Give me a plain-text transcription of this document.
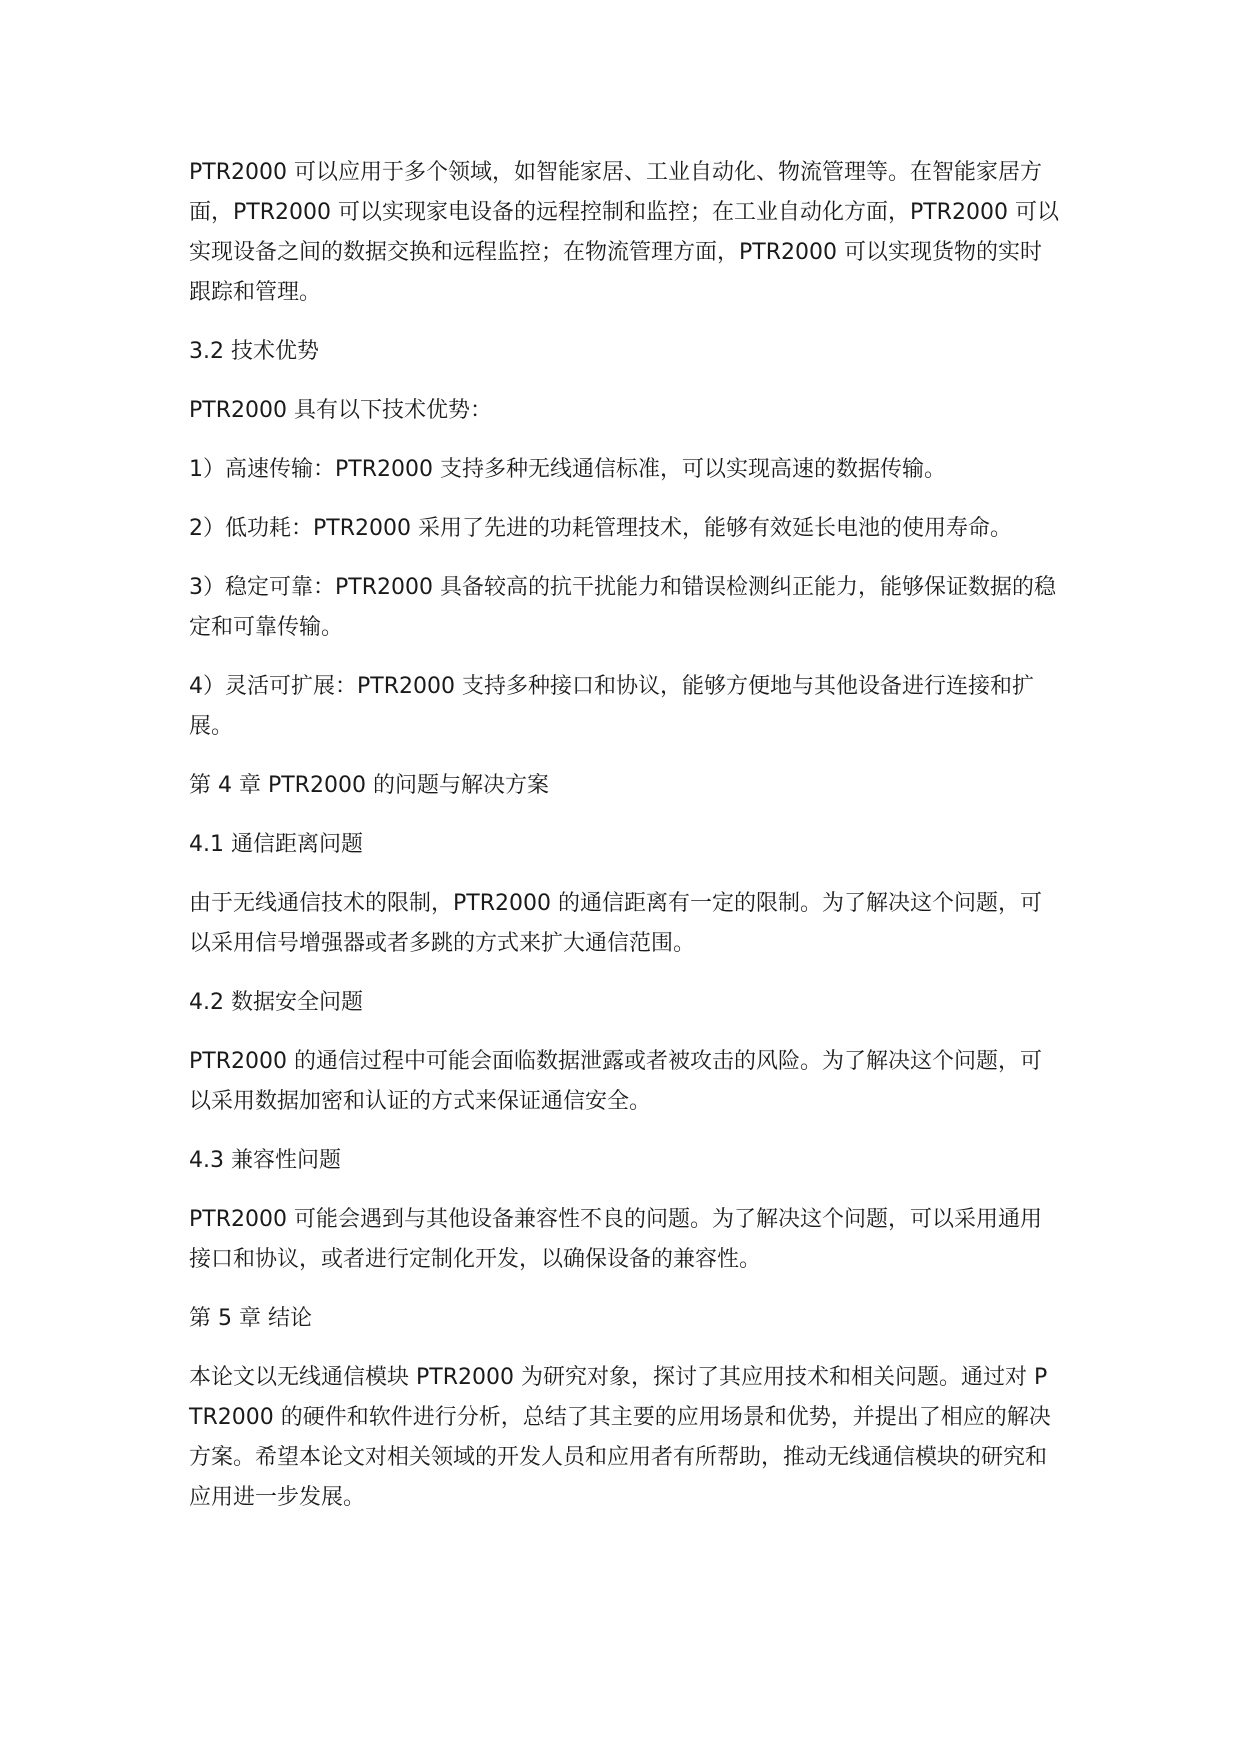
PTR2000 可以应用于多个领域，如智能家居、工业自动化、物流管理等。在智能家居方面，PTR2000 可以实现家电设备的远程控制和监控；在工业自动化方面，PTR2000 可以实现设备之间的数据交换和远程监控；在物流管理方面，PTR2000 可以实现货物的实时跟踪和管理。

3.2 技术优势

PTR2000 具有以下技术优势：

1）高速传输：PTR2000 支持多种无线通信标准，可以实现高速的数据传输。

2）低功耗：PTR2000 采用了先进的功耗管理技术，能够有效延长电池的使用寿命。

3）稳定可靠：PTR2000 具备较高的抗干扰能力和错误检测纠正能力，能够保证数据的稳定和可靠传输。

4）灵活可扩展：PTR2000 支持多种接口和协议，能够方便地与其他设备进行连接和扩展。

第 4 章 PTR2000 的问题与解决方案

4.1 通信距离问题

由于无线通信技术的限制，PTR2000 的通信距离有一定的限制。为了解决这个问题，可以采用信号增强器或者多跳的方式来扩大通信范围。

4.2 数据安全问题

PTR2000 的通信过程中可能会面临数据泄露或者被攻击的风险。为了解决这个问题，可以采用数据加密和认证的方式来保证通信安全。

4.3 兼容性问题

PTR2000 可能会遇到与其他设备兼容性不良的问题。为了解决这个问题，可以采用通用接口和协议，或者进行定制化开发，以确保设备的兼容性。

第 5 章 结论

本论文以无线通信模块 PTR2000 为研究对象，探讨了其应用技术和相关问题。通过对 PTR2000 的硬件和软件进行分析，总结了其主要的应用场景和优势，并提出了相应的解决方案。希望本论文对相关领域的开发人员和应用者有所帮助，推动无线通信模块的研究和应用进一步发展。
